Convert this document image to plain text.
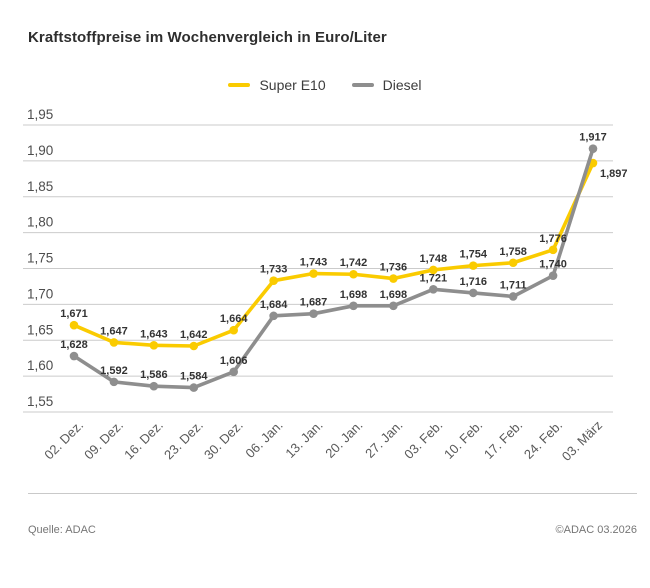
Kraftstoffpreise im Wochenvergleich in Euro/Liter
Super E10	Diesel
1,55
1,60
1,65
1,70
1,75
1,80
1,85
1,90
1,95
1,671
1,647 1,643 1,642
1,664
1,733
1,743 1,742 1,736
1,748 1,754 1,758
1,776
1,897
1,628
1,592 1,586 1,584
1,606
1,684 1,687
1,698 1,698
1,721 1,716 1,711
1,740
1,917
02. Dez.
09. Dez.
16. Dez.
23. Dez.
30. Dez.
06. Jan.
13. Jan.
20. Jan.
27. Jan.
03. Feb.
10. Feb.
17. Feb.
24. Feb.
03. März
Quelle: ADAC	©ADAC 03.2026
